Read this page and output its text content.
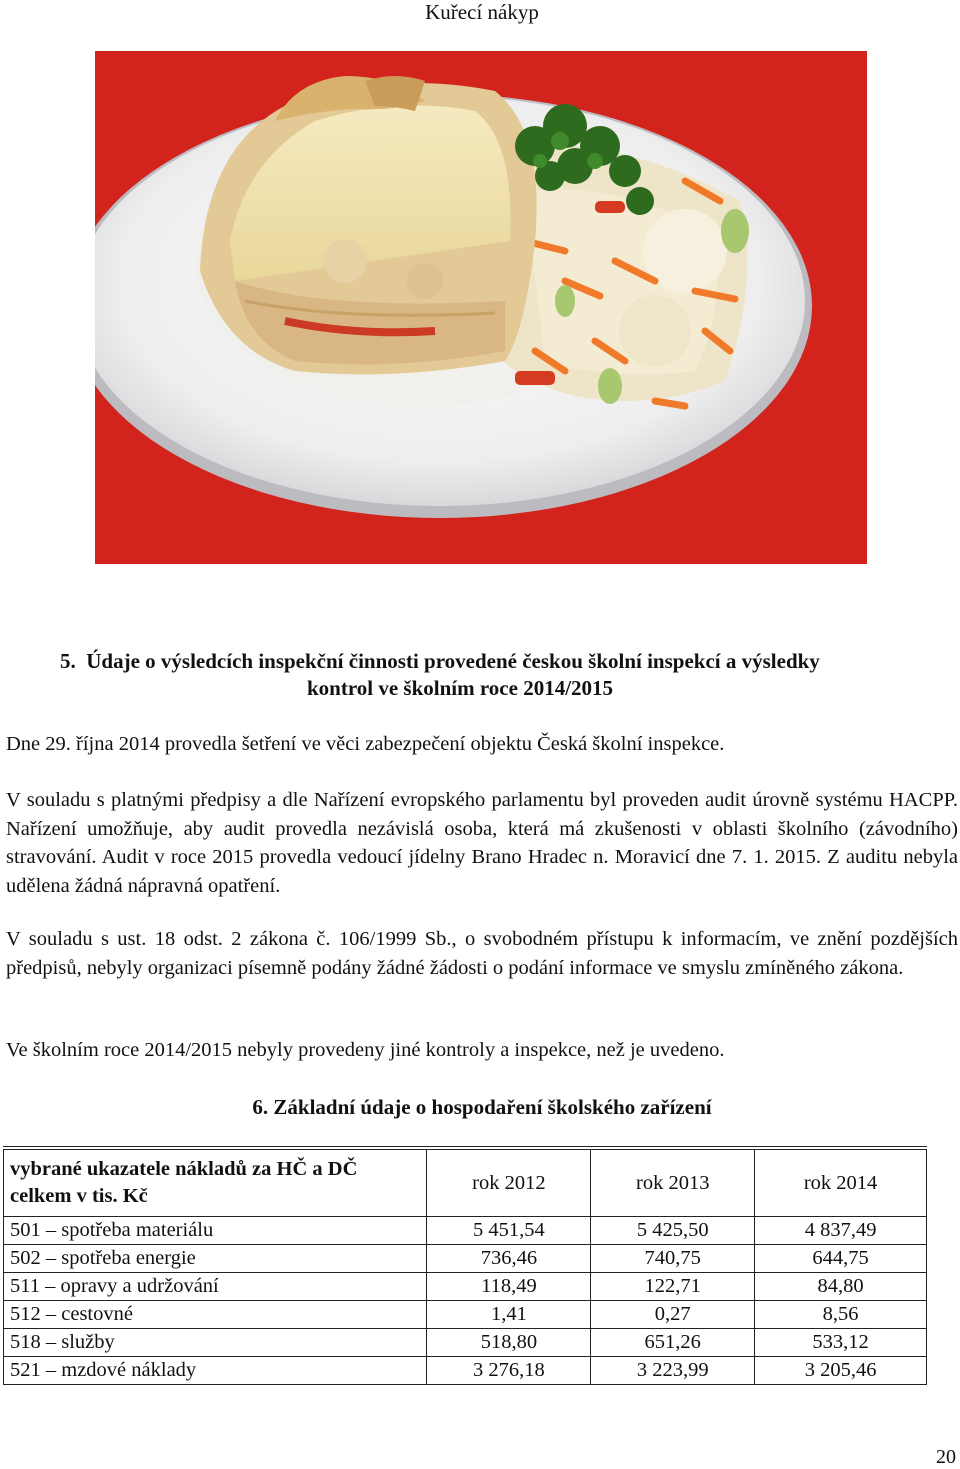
Kuřecí nákyp
5. Údaje o výsledcích inspekční činnosti provedené českou školní inspekcí a výsledky
kontrol ve školním roce 2014/2015
Dne 29. října 2014 provedla šetření ve věci zabezpečení objektu Česká školní inspekce.
V souladu s platnými předpisy a dle Nařízení evropského parlamentu byl proveden audit úrovně systému HACPP. Nařízení umožňuje, aby audit provedla nezávislá osoba, která má zkušenosti v oblasti školního (závodního) stravování. Audit v roce 2015 provedla vedoucí jídelny Brano Hradec n. Moravicí dne 7. 1. 2015. Z auditu nebyla udělena žádná nápravná opatření.
V souladu s ust. 18 odst. 2 zákona č. 106/1999 Sb., o svobodném přístupu k informacím, ve znění pozdějších předpisů, nebyly organizaci písemně podány žádné žádosti o podání informace ve smyslu zmíněného zákona.
Ve školním roce 2014/2015 nebyly provedeny jiné kontroly a inspekce, než je uvedeno.
6. Základní údaje o hospodaření školského zařízení
vybrané ukazatele nákladů za HČ a DČ
celkem v tis. Kč	rok 2012	rok 2013	rok 2014
501 – spotřeba materiálu	5 451,54	5 425,50	4 837,49
502 – spotřeba energie	736,46	740,75	644,75
511 – opravy a udržování	118,49	122,71	84,80
512 – cestovné	1,41	0,27	8,56
518 – služby	518,80	651,26	533,12
521 – mzdové náklady	3 276,18	3 223,99	3 205,46
20
